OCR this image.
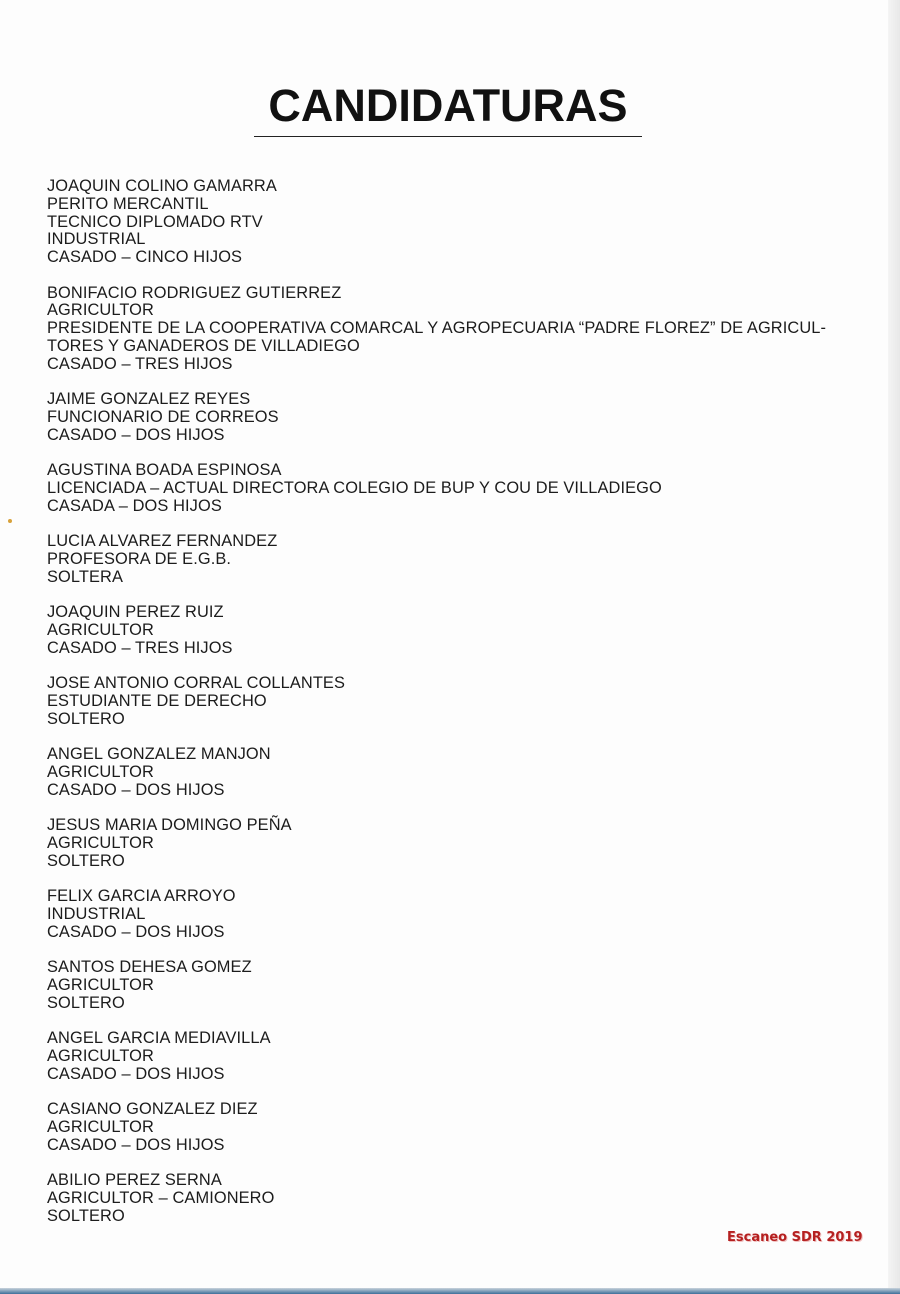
CANDIDATURAS
JOAQUIN COLINO GAMARRA
PERITO MERCANTIL
TECNICO DIPLOMADO RTV
INDUSTRIAL
CASADO – CINCO HIJOS
BONIFACIO RODRIGUEZ GUTIERREZ
AGRICULTOR
PRESIDENTE DE LA COOPERATIVA COMARCAL Y AGROPECUARIA “PADRE FLOREZ” DE AGRICUL-
TORES Y GANADEROS DE VILLADIEGO
CASADO – TRES HIJOS
JAIME GONZALEZ REYES
FUNCIONARIO DE CORREOS
CASADO – DOS HIJOS
AGUSTINA BOADA ESPINOSA
LICENCIADA – ACTUAL DIRECTORA COLEGIO DE BUP Y COU DE VILLADIEGO
CASADA – DOS HIJOS
LUCIA ALVAREZ FERNANDEZ
PROFESORA DE E.G.B.
SOLTERA
JOAQUIN PEREZ RUIZ
AGRICULTOR
CASADO – TRES HIJOS
JOSE ANTONIO CORRAL COLLANTES
ESTUDIANTE DE DERECHO
SOLTERO
ANGEL GONZALEZ MANJON
AGRICULTOR
CASADO – DOS HIJOS
JESUS MARIA DOMINGO PEÑA
AGRICULTOR
SOLTERO
FELIX GARCIA ARROYO
INDUSTRIAL
CASADO – DOS HIJOS
SANTOS DEHESA GOMEZ
AGRICULTOR
SOLTERO
ANGEL GARCIA MEDIAVILLA
AGRICULTOR
CASADO – DOS HIJOS
CASIANO GONZALEZ DIEZ
AGRICULTOR
CASADO – DOS HIJOS
ABILIO PEREZ SERNA
AGRICULTOR – CAMIONERO
SOLTERO
Escaneo SDR 2019
